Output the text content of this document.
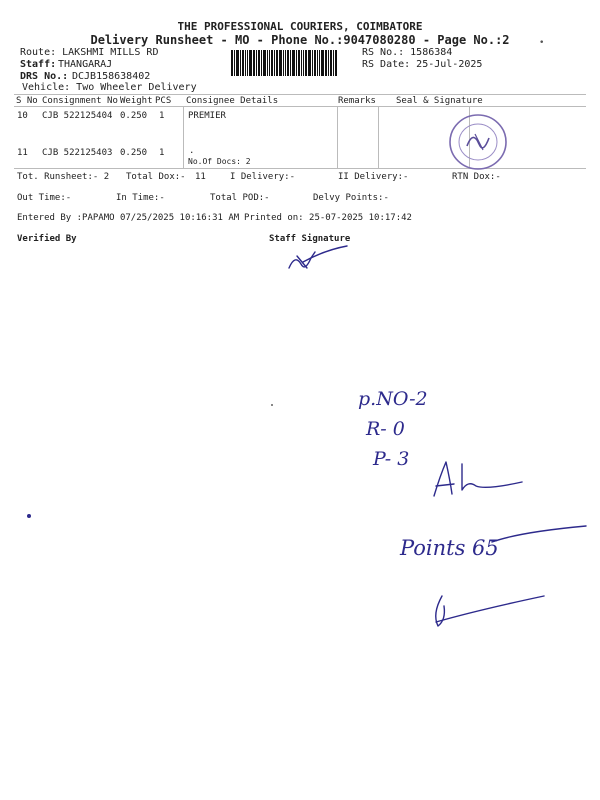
THE PROFESSIONAL COURIERS, COIMBATORE
Delivery Runsheet - MO - Phone No.:9047080280 - Page No.:2	•
Route: LAKSHMI MILLS RD
Staff: THANGARAJ
DRS No.: DCJB158638402
Vehicle: Two Wheeler Delivery
RS No.: 1586384
RS Date: 25-Jul-2025
S No Consignment No Weight PCS Consignee Details	Remarks Seal & Signature
10 CJB 522125404 0.250 1	PREMIER
11 CJB 522125403 0.250 1	.
No.Of Docs: 2
Tot. Runsheet:- 2 Total Dox:- 11	I Delivery:-	II Delivery:-	RTN Dox:-
Out Time:-	In Time:-	Total POD:-	Delvy Points:-
Entered By :PAPAMO 07/25/2025 10:16:31 AM Printed on: 25-07-2025 10:17:42
Verified By	Staff Signature
p.NO-2
R- 0
P- 3
Points 65
